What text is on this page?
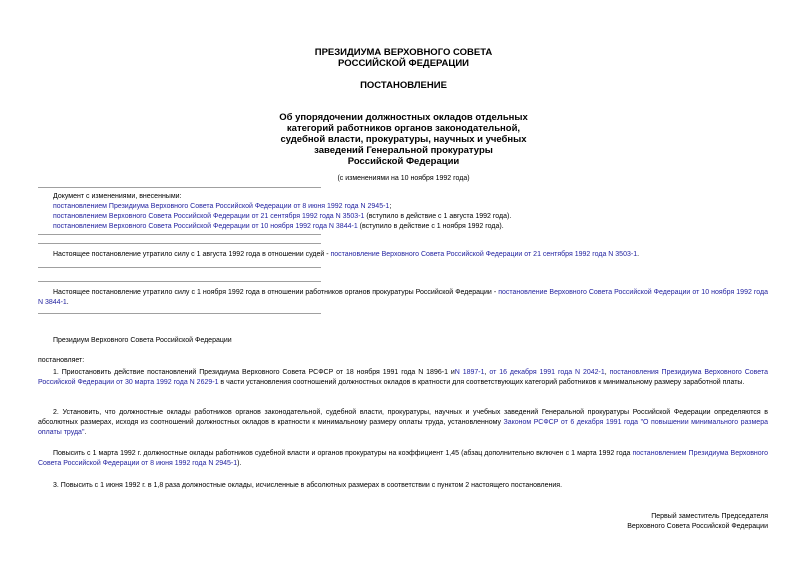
ПРЕЗИДИУМА ВЕРХОВНОГО СОВЕТА
РОССИЙСКОЙ ФЕДЕРАЦИИ
ПОСТАНОВЛЕНИЕ
Об упорядочении должностных окладов отдельных
категорий работников органов законодательной,
судебной власти, прокуратуры, научных и учебных
заведений Генеральной прокуратуры
Российской Федерации
(с изменениями на 10 ноября 1992 года)
Документ с изменениями, внесенными:
постановлением Президиума Верховного Совета Российской Федерации от 8 июня 1992 года N 2945-1;
постановлением Верховного Совета Российской Федерации от 21 сентября 1992 года N 3503-1 (вступило в действие с 1 августа 1992 года).
постановлением Верховного Совета Российской Федерации от 10 ноября 1992 года N 3844-1 (вступило в действие с 1 ноября 1992 года).
Настоящее постановление утратило силу с 1 августа 1992 года в отношении судей - постановление Верховного Совета Российской Федерации от 21 сентября 1992 года N 3503-1.
Настоящее постановление утратило силу с 1 ноября 1992 года в отношении работников органов прокуратуры Российской Федерации - постановление Верховного Совета Российской Федерации от 10 ноября 1992 года N 3844-1.
Президиум Верховного Совета Российской Федерации
постановляет:
1. Приостановить действие постановлений Президиума Верховного Совета РСФСР от 18 ноября 1991 года N 1896-1 иN 1897-1, от 16 декабря 1991 года N 2042-1, постановления Президиума Верховного Совета Российской Федерации от 30 марта 1992 года N 2629-1 в части установления соотношений должностных окладов в кратности для соответствующих категорий работников к минимальному размеру заработной платы.
2. Установить, что должностные оклады работников органов законодательной, судебной власти, прокуратуры, научных и учебных заведений Генеральной прокуратуры Российской Федерации определяются в абсолютных размерах, исходя из соотношений должностных окладов в кратности к минимальному размеру оплаты труда, установленному Законом РСФСР от 6 декабря 1991 года "О повышении минимального размера оплаты труда".
Повысить с 1 марта 1992 г. должностные оклады работников судебной власти и органов прокуратуры на коэффициент 1,45 (абзац дополнительно включен с 1 марта 1992 года постановлением Президиума Верховного Совета Российской Федерации от 8 июня 1992 года N 2945-1).
3. Повысить с 1 июня 1992 г. в 1,8 раза должностные оклады, исчисленные в абсолютных размерах в соответствии с пунктом 2 настоящего постановления.
Первый заместитель Председателя
Верховного Совета Российской Федерации
